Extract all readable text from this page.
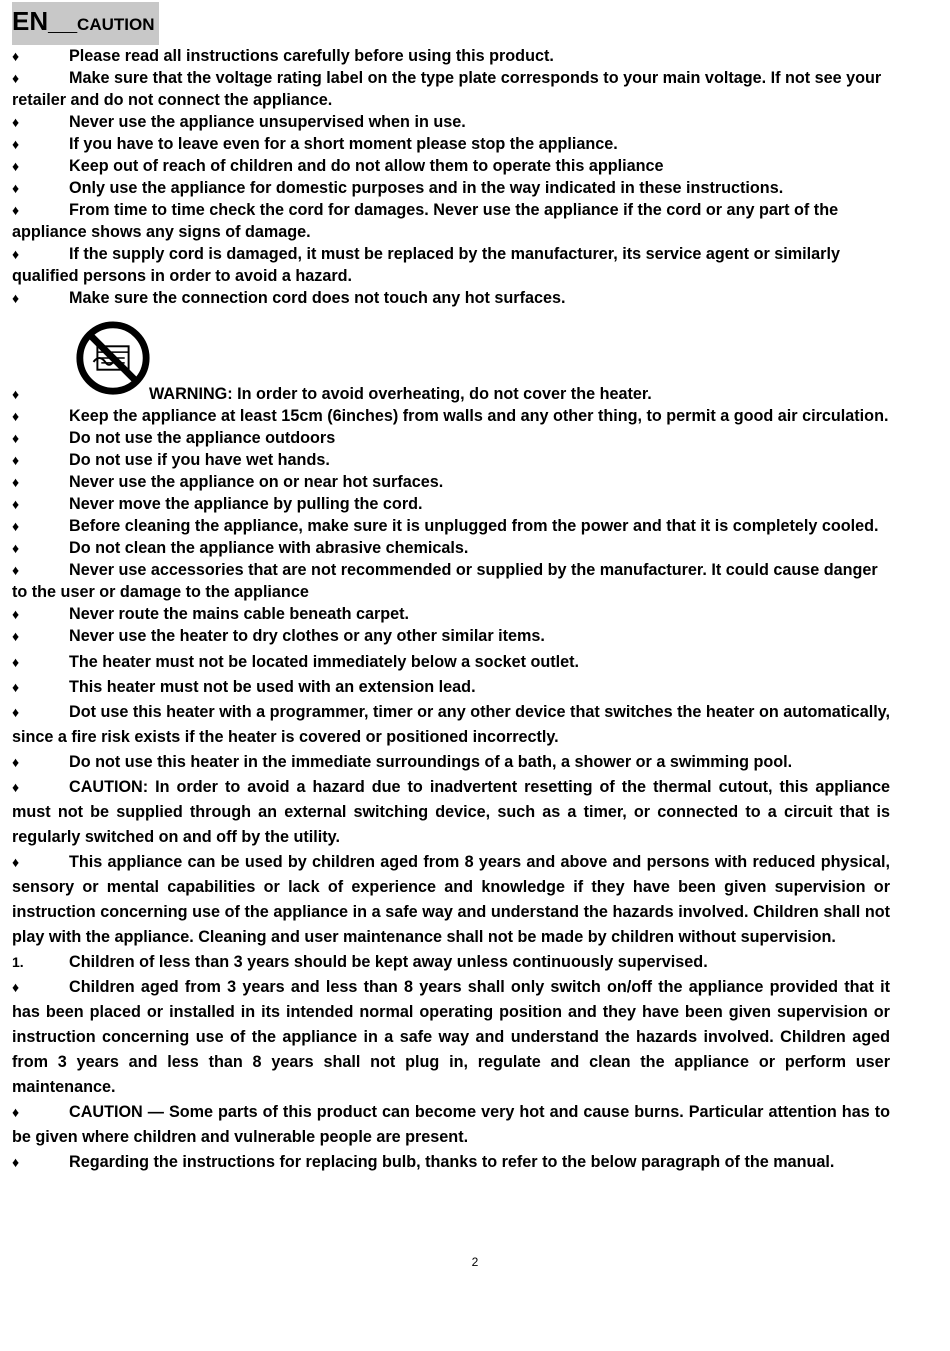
EN__CAUTION

♦	Please read all instructions carefully before using this product.

♦	Make sure that the voltage rating label on the type plate corresponds to your main voltage. If not see your retailer and do not connect the appliance.

♦	Never use the appliance unsupervised when in use.

♦	If you have to leave even for a short moment please stop the appliance.

♦	Keep out of reach of children and do not allow them to operate this appliance

♦	Only use the appliance for domestic purposes and in the way indicated in these instructions.

♦	From time to time check the cord for damages. Never use the appliance if the cord or any part of the appliance shows any signs of damage.

♦	If the supply cord is damaged, it must be replaced by the manufacturer, its service agent or similarly qualified persons in order to avoid a hazard.

♦	Make sure the connection cord does not touch any hot surfaces.

♦	WARNING: In order to avoid overheating, do not cover the heater.

♦	Keep the appliance at least 15cm (6inches) from walls and any other thing, to permit a good air circulation.

♦	Do not use the appliance outdoors

♦	Do not use if you have wet hands.

♦	Never use the appliance on or near hot surfaces.

♦	Never move the appliance by pulling the cord.

♦	Before cleaning the appliance, make sure it is unplugged from the power and that it is completely cooled.

♦	Do not clean the appliance with abrasive chemicals.

♦	Never use accessories that are not recommended or supplied by the manufacturer. It could cause danger to the user or damage to the appliance

♦	Never route the mains cable beneath carpet.

♦	Never use the heater to dry clothes or any other similar items.

♦	The heater must not be located immediately below a socket outlet.

♦	This heater must not be used with an extension lead.

♦	Dot use this heater with a programmer, timer or any other device that switches the heater on automatically, since a fire risk exists if the heater is covered or positioned incorrectly.

♦	Do not use this heater in the immediate surroundings of a bath, a shower or a swimming pool.

♦	CAUTION: In order to avoid a hazard due to inadvertent resetting of the thermal cutout, this appliance must not be supplied through an external switching device, such as a timer, or connected to a circuit that is regularly switched on and off by the utility.

♦	This appliance can be used by children aged from 8 years and above and persons with reduced physical, sensory or mental capabilities or lack of experience and knowledge if they have been given supervision or instruction concerning use of the appliance in a safe way and understand the hazards involved. Children shall not play with the appliance. Cleaning and user maintenance shall not be made by children without supervision.

1.	Children of less than 3 years should be kept away unless continuously supervised.

♦	Children aged from 3 years and less than 8 years shall only switch on/off the appliance provided that it has been placed or installed in its intended normal operating position and they have been given supervision or instruction concerning use of the appliance in a safe way and understand the hazards involved. Children aged from 3 years and less than 8 years shall not plug in, regulate and clean the appliance or perform user maintenance.

♦	CAUTION — Some parts of this product can become very hot and cause burns. Particular attention has to be given where children and vulnerable people are present.

♦	Regarding the instructions for replacing bulb, thanks to refer to the below paragraph of the manual.

2
